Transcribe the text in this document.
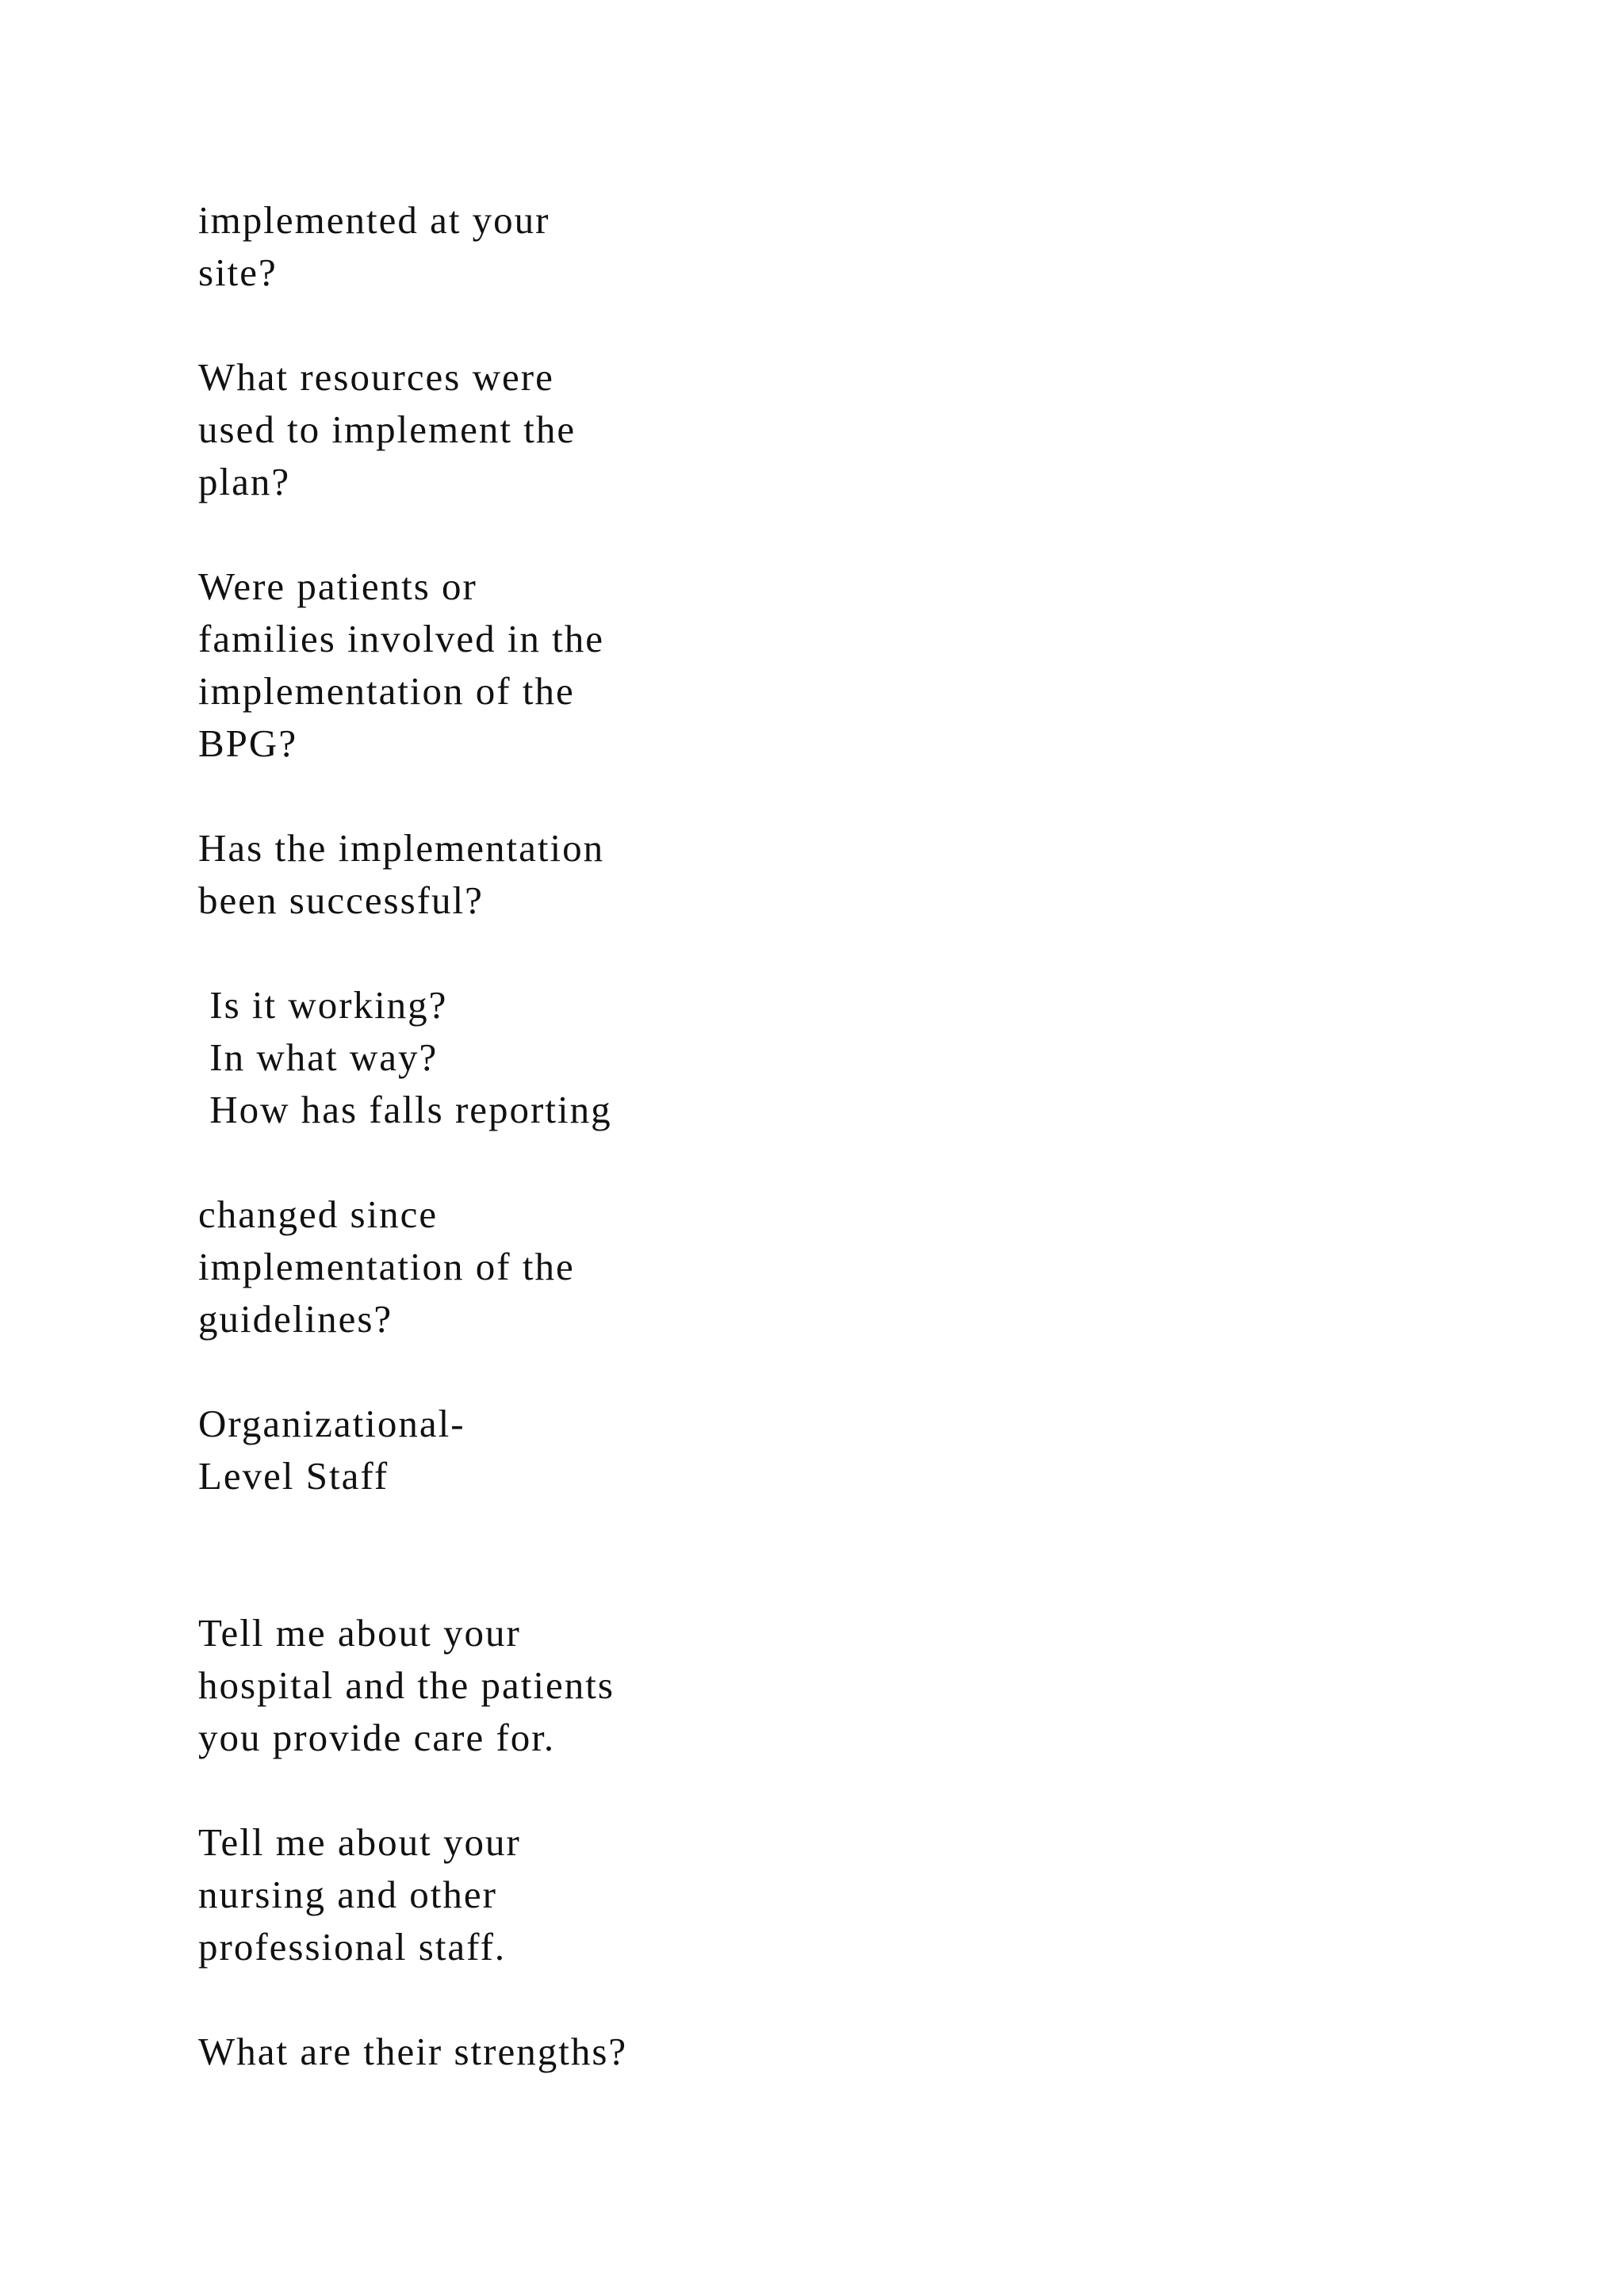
implemented at your
site?
What resources were
used to implement the
plan?
Were patients or
families involved in the
implementation of the
BPG?
Has the implementation
been successful?
Is it working?
In what way?
How has falls reporting
changed since
implementation of the
guidelines?
Organizational-
Level Staff
Tell me about your
hospital and the patients
you provide care for.
Tell me about your
nursing and other
professional staff.
What are their strengths?
